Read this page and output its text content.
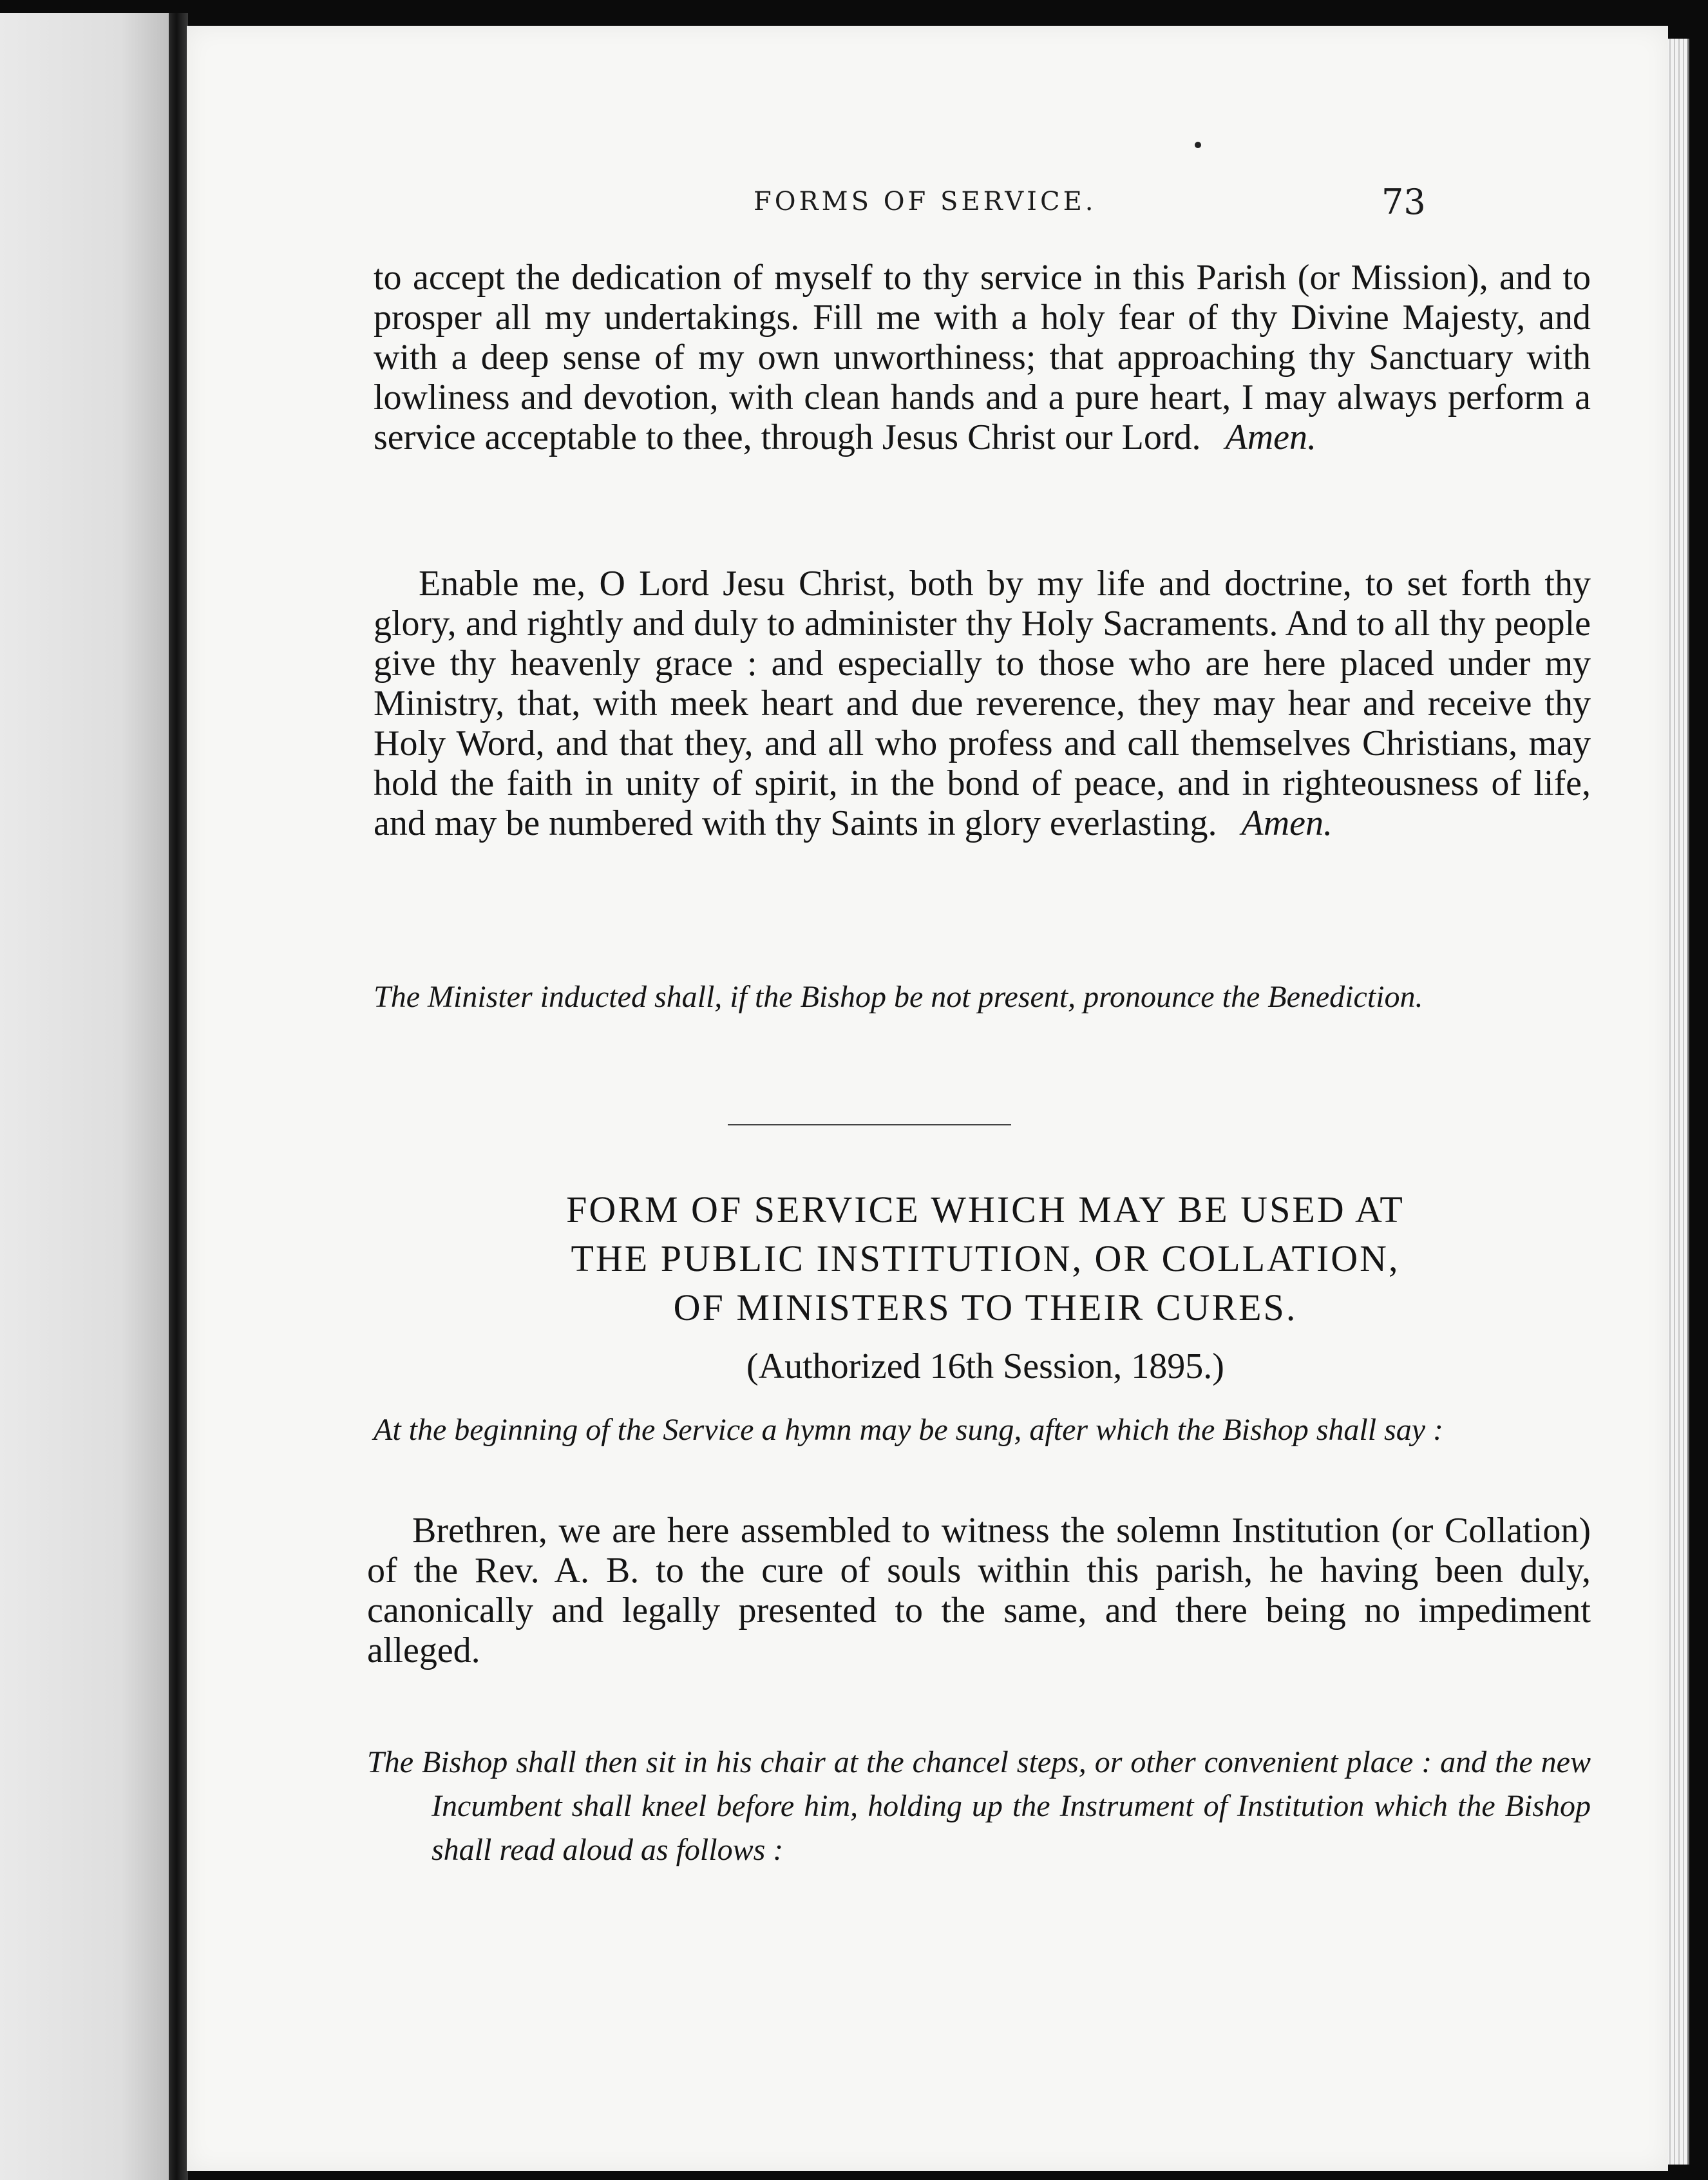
FORMS OF SERVICE.	73

to accept the dedication of myself to thy service in this Parish (or Mission), and to prosper all my undertakings. Fill me with a holy fear of thy Divine Majesty, and with a deep sense of my own unworthiness; that approaching thy Sanctuary with lowliness and devotion, with clean hands and a pure heart, I may always perform a service acceptable to thee, through Jesus Christ our Lord. Amen.

Enable me, O Lord Jesu Christ, both by my life and doctrine, to set forth thy glory, and rightly and duly to administer thy Holy Sacraments. And to all thy people give thy heavenly grace : and especially to those who are here placed under my Ministry, that, with meek heart and due reverence, they may hear and receive thy Holy Word, and that they, and all who profess and call themselves Christians, may hold the faith in unity of spirit, in the bond of peace, and in righteousness of life, and may be numbered with thy Saints in glory everlasting. Amen.

The Minister inducted shall, if the Bishop be not present, pronounce the Benediction.

FORM OF SERVICE WHICH MAY BE USED AT
THE PUBLIC INSTITUTION, OR COLLATION,
OF MINISTERS TO THEIR CURES.
(Authorized 16th Session, 1895.)

At the beginning of the Service a hymn may be sung, after which the Bishop shall say :

Brethren, we are here assembled to witness the solemn Institution (or Collation) of the Rev. A. B. to the cure of souls within this parish, he having been duly, canonically and legally presented to the same, and there being no impediment alleged.

The Bishop shall then sit in his chair at the chancel steps, or other convenient place : and the new Incumbent shall kneel before him, holding up the Instrument of Institution which the Bishop shall read aloud as follows :
